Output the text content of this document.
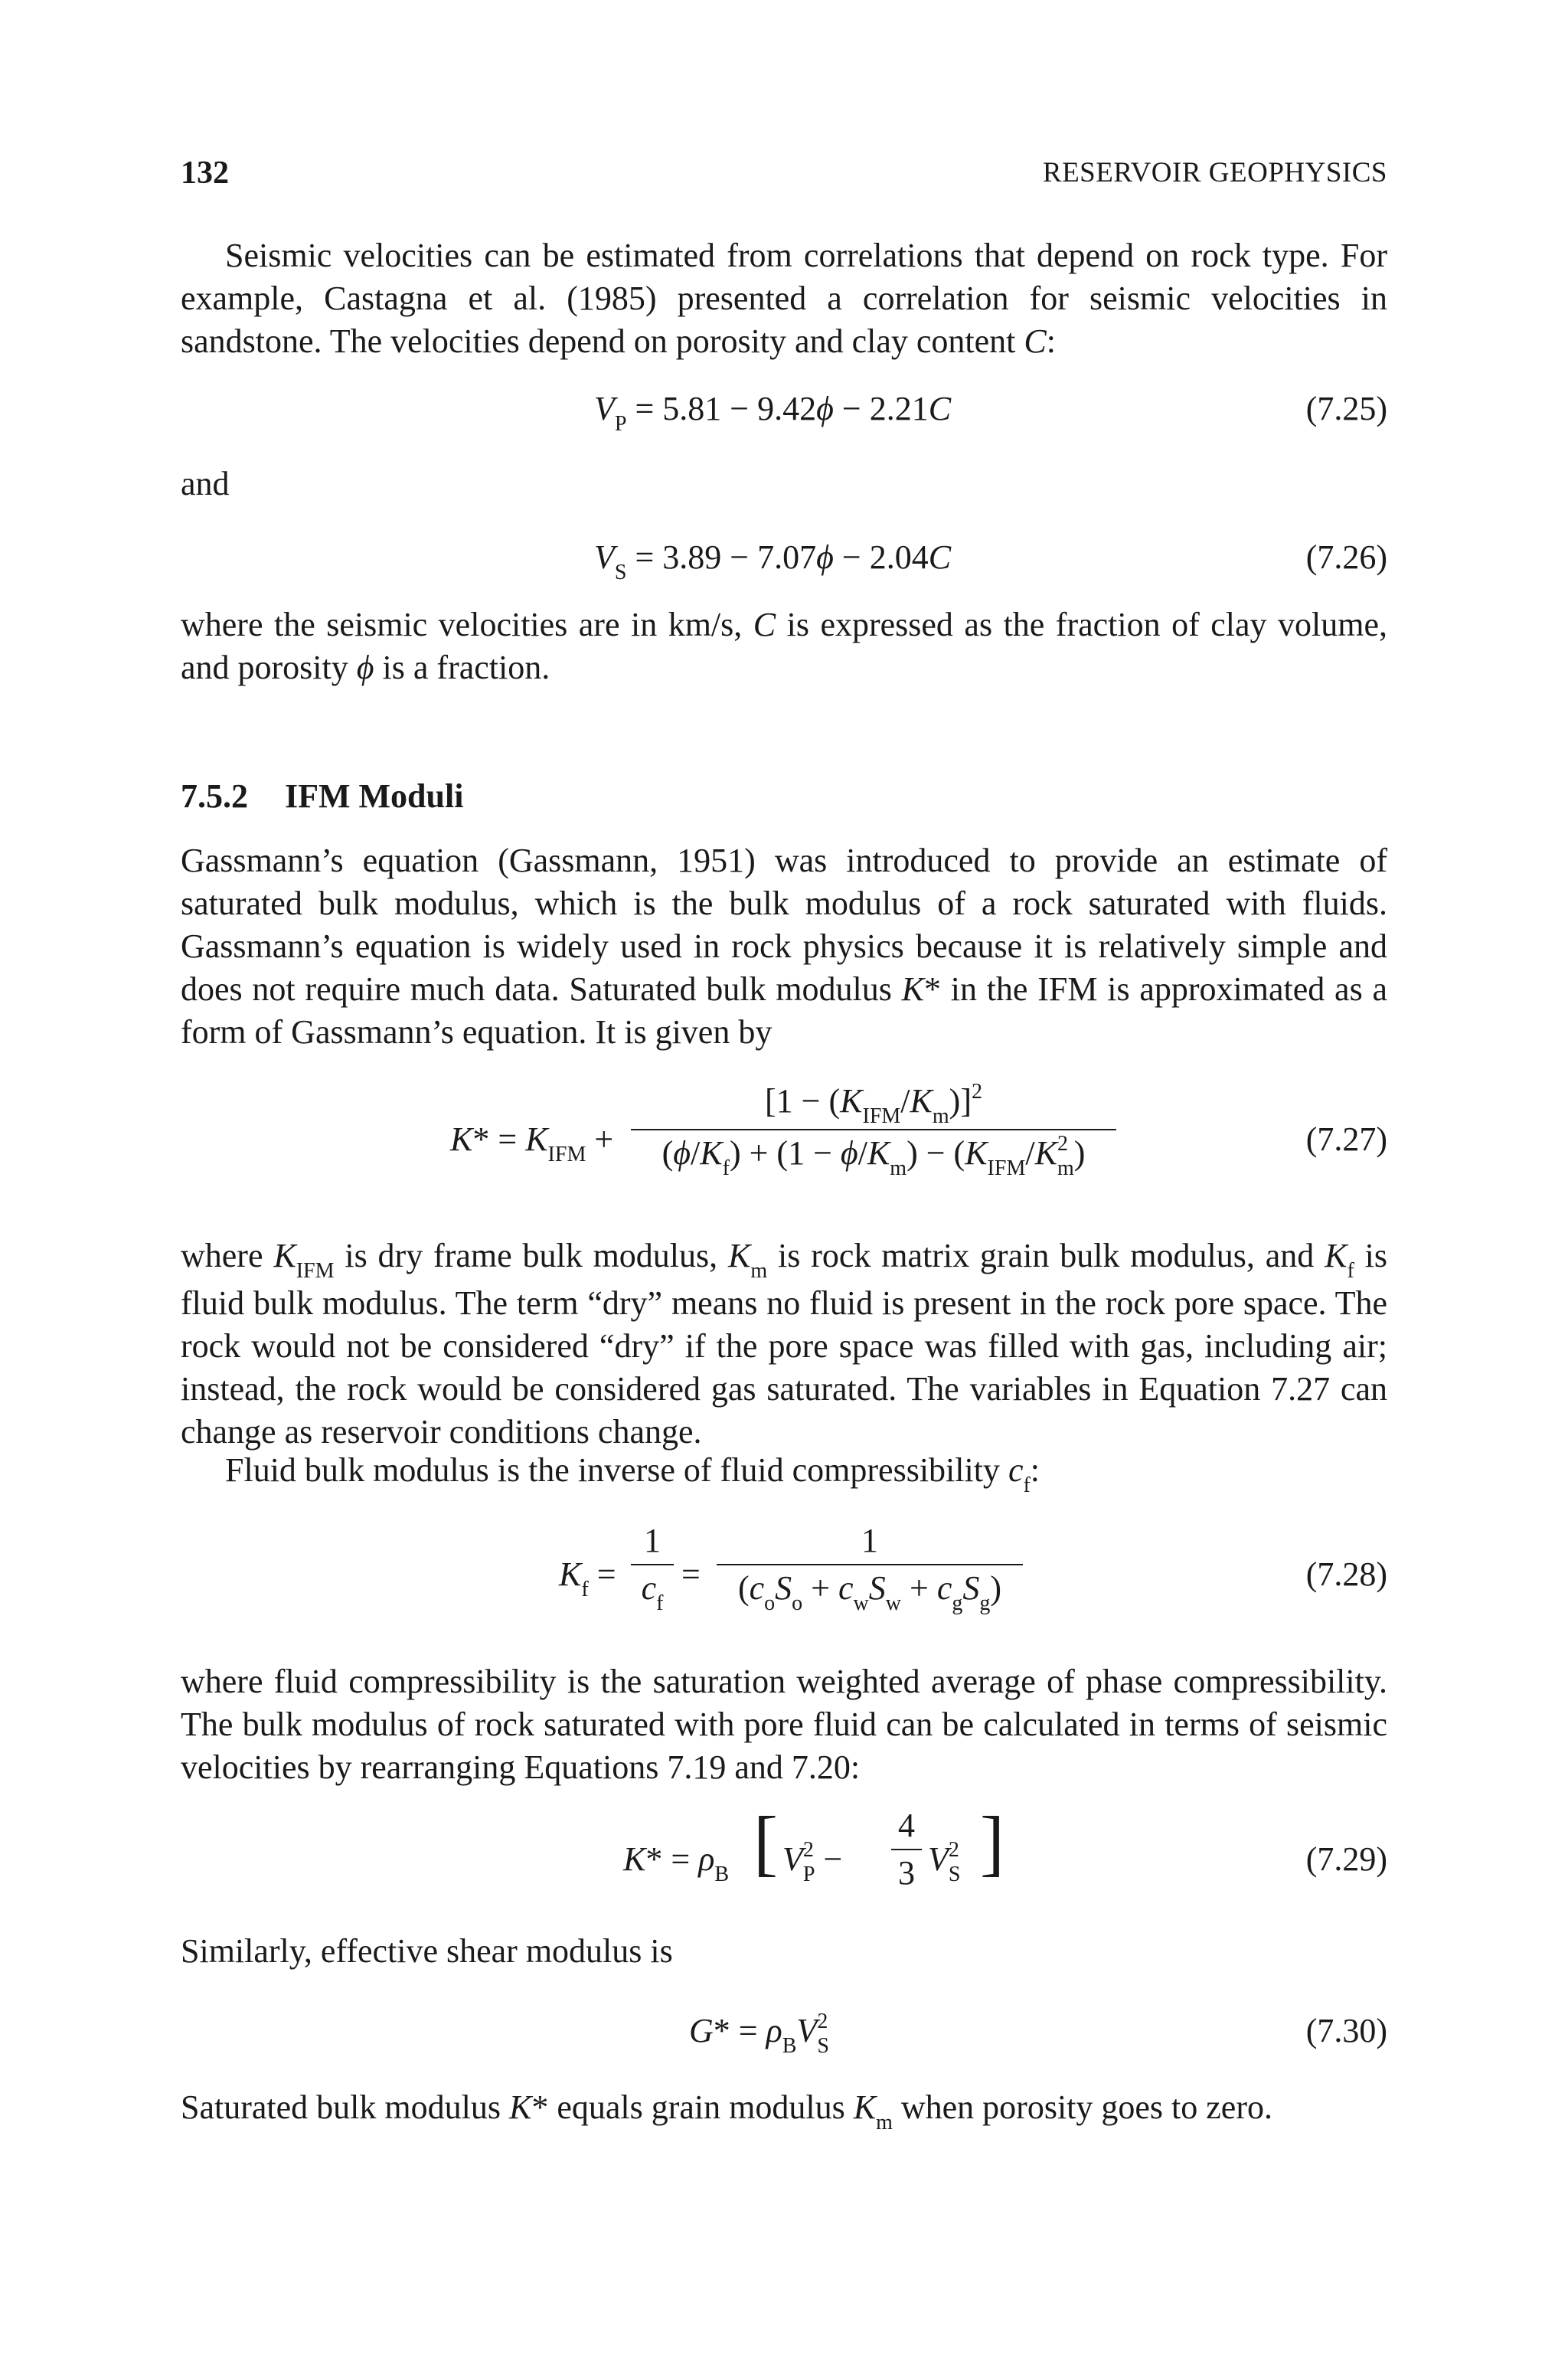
132	RESERVOIR GEOPHYSICS
Seismic velocities can be estimated from correlations that depend on rock type. For example, Castagna et al. (1985) presented a correlation for seismic velocities in sandstone. The velocities depend on porosity and clay content C:
$V_P = 5.81 - 9.42\phi - 2.21C$	(7.25)
and
$V_S = 3.89 - 7.07\phi - 2.04C$	(7.26)
where the seismic velocities are in km/s, C is expressed as the fraction of clay volume, and porosity ϕ is a fraction.
7.5.2 IFM Moduli
Gassmann’s equation (Gassmann, 1951) was introduced to provide an estimate of saturated bulk modulus, which is the bulk modulus of a rock saturated with fluids. Gassmann’s equation is widely used in rock physics because it is relatively simple and does not require much data. Saturated bulk modulus K* in the IFM is approximated as a form of Gassmann’s equation. It is given by
$K* = K_{IFM}$ +
$[1 - (K_{IFM}/K_m)]^2$
$(\phi/K_f) + (1 - \phi/K_m) - (K_{IFM}/K^2_m)$	(7.27)
where $K_{IFM}$ is dry frame bulk modulus, $K_m$ is rock matrix grain bulk modulus, and $K_f$ is fluid bulk modulus. The term “dry” means no fluid is present in the rock pore space. The rock would not be considered “dry” if the pore space was filled with gas, including air; instead, the rock would be considered gas saturated. The variables in Equation 7.27 can change as reservoir conditions change.
Fluid bulk modulus is the inverse of fluid compressibility $c_f$:
$K_f$ =
1
$c_f$
=
1
$(c_oS_o + c_wS_w + c_gS_g)$	(7.28)
where fluid compressibility is the saturation weighted average of phase compressibility. The bulk modulus of rock saturated with pore fluid can be calculated in terms of seismic velocities by rearranging Equations 7.19 and 7.20:
$K* = \rho_B$ [ $V^2_P$ −
4
3 $V^2_S$ ]	(7.29)
Similarly, effective shear modulus is
$G* = \rho_BV^2_S$	(7.30)
Saturated bulk modulus K* equals grain modulus $K_m$ when porosity goes to zero.
